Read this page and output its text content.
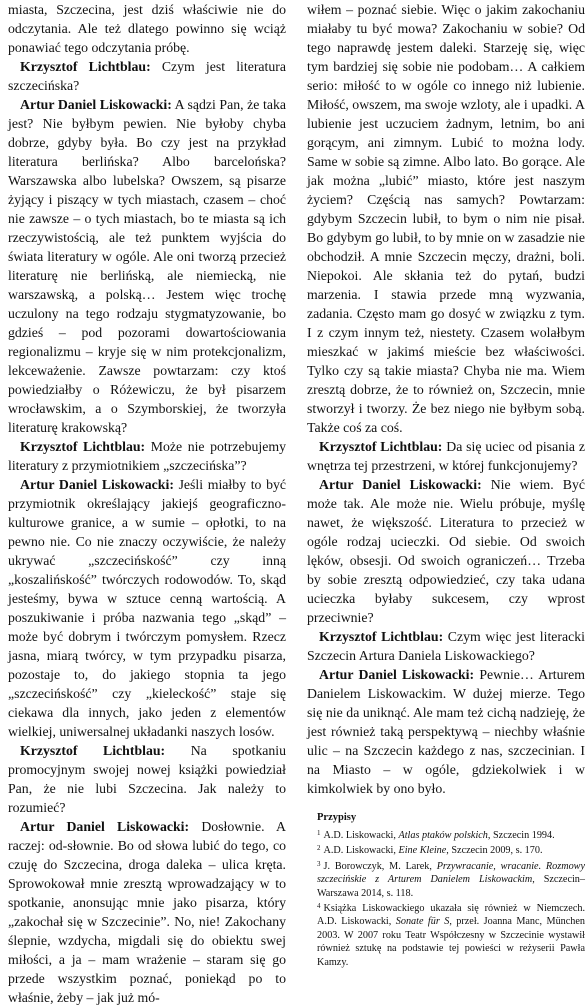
miasta, Szczecina, jest dziś właściwie nie do odczytania. Ale też dlatego powinno się wciąż ponawiać tego odczytania próbę.

Krzysztof Lichtblau: Czym jest literatura szczecińska?

Artur Daniel Liskowacki: A sądzi Pan, że taka jest? Nie byłbym pewien. Nie byłoby chyba dobrze, gdyby była. Bo czy jest na przykład literatura berlińska? Albo barcelońska? Warszawska albo lubelska? Owszem, są pisarze żyjący i piszący w tych miastach, czasem – choć nie zawsze – o tych miastach, bo te miasta są ich rzeczywistością, ale też punktem wyjścia do świata literatury w ogóle. Ale oni tworzą przecież literaturę nie berlińską, ale niemiecką, nie warszawską, a polską… Jestem więc trochę uczulony na tego rodzaju stygmatyzowanie, bo gdzieś – pod pozorami dowartościowania regionalizmu – kryje się w nim protekcjonalizm, lekceważenie. Zawsze powtarzam: czy ktoś powiedziałby o Różewiczu, że był pisarzem wrocławskim, a o Szymborskiej, że tworzyła literaturę krakowską?

Krzysztof Lichtblau: Może nie potrzebujemy literatury z przymiotnikiem „szczecińska”?

Artur Daniel Liskowacki: Jeśli miałby to być przymiotnik określający jakiejś geograficzno-kulturowe granice, a w sumie – opłotki, to na pewno nie. Co nie znaczy oczywiście, że należy ukrywać „szczecińskość” czy inną „koszalińskość” twórczych rodowodów. To, skąd jesteśmy, bywa w sztuce cenną wartością. A poszukiwanie i próba nazwania tego „skąd” – może być dobrym i twórczym pomysłem. Rzecz jasna, miarą twórcy, w tym przypadku pisarza, pozostaje to, do jakiego stopnia ta jego „szczecińskość” czy „kieleckość” staje się ciekawa dla innych, jako jeden z elementów wielkiej, uniwersalnej układanki naszych losów.

Krzysztof Lichtblau: Na spotkaniu promocyjnym swojej nowej książki powiedział Pan, że nie lubi Szczecina. Jak należy to rozumieć?

Artur Daniel Liskowacki: Dosłownie. A raczej: od-słownie. Bo od słowa lubić do tego, co czuję do Szczecina, droga daleka – ulica kręta. Sprowokował mnie zresztą wprowadzający w to spotkanie, anonsując mnie jako pisarza, który „zakochał się w Szczecinie”. No, nie! Zakochany ślepnie, wzdycha, migdali się do obiektu swej miłości, a ja – mam wrażenie – staram się go przede wszystkim poznać, poniekąd po to właśnie, żeby – jak już mó-

wiłem – poznać siebie. Więc o jakim zakochaniu miałaby tu być mowa? Zakochaniu w sobie? Od tego naprawdę jestem daleki. Starzeję się, więc tym bardziej się sobie nie podobam… A całkiem serio: miłość to w ogóle co innego niż lubienie. Miłość, owszem, ma swoje wzloty, ale i upadki. A lubienie jest uczuciem żadnym, letnim, bo ani gorącym, ani zimnym. Lubić to można lody. Same w sobie są zimne. Albo lato. Bo gorące. Ale jak można „lubić” miasto, które jest naszym życiem? Częścią nas samych? Powtarzam: gdybym Szczecin lubił, to bym o nim nie pisał. Bo gdybym go lubił, to by mnie on w zasadzie nie obchodził. A mnie Szczecin męczy, drażni, boli. Niepokoi. Ale skłania też do pytań, budzi marzenia. I stawia przede mną wyzwania, zadania. Często mam go dosyć w związku z tym. I z czym innym też, niestety. Czasem wolałbym mieszkać w jakimś mieście bez właściwości. Tylko czy są takie miasta? Chyba nie ma. Wiem zresztą dobrze, że to również on, Szczecin, mnie stworzył i tworzy. Że bez niego nie byłbym sobą. Także coś za coś.

Krzysztof Lichtblau: Da się uciec od pisania z wnętrza tej przestrzeni, w której funkcjonujemy?

Artur Daniel Liskowacki: Nie wiem. Być może tak. Ale może nie. Wielu próbuje, myślę nawet, że większość. Literatura to przecież w ogóle rodzaj ucieczki. Od siebie. Od swoich lęków, obsesji. Od swoich ograniczeń… Trzeba by sobie zresztą odpowiedzieć, czy taka udana ucieczka byłaby sukcesem, czy wprost przeciwnie?

Krzysztof Lichtblau: Czym więc jest literacki Szczecin Artura Daniela Liskowackiego?

Artur Daniel Liskowacki: Pewnie… Arturem Danielem Liskowackim. W dużej mierze. Tego się nie da uniknąć. Ale mam też cichą nadzieję, że jest również taką perspektywą – niechby właśnie ulic – na Szczecin każdego z nas, szczecinian. I na Miasto – w ogóle, gdziekolwiek i w kimkolwiek by ono było.

Przypisy

$^1$ A.D. Liskowacki, Atlas ptaków polskich, Szczecin 1994.

$^2$ A.D. Liskowacki, Eine Kleine, Szczecin 2009, s. 170.

$^3$ J. Borowczyk, M. Larek, Przywracanie, wracanie. Rozmowy szczecińskie z Arturem Danielem Liskowackim, Szczecin–Warszawa 2014, s. 118.

$^4$ Książka Liskowackiego ukazała się również w Niemczech. A.D. Liskowacki, Sonate für S, przeł. Joanna Manc, München 2003. W 2007 roku Teatr Współczesny w Szczecinie wystawił również sztukę na podstawie tej powieści w reżyserii Pawła Kamzy.
